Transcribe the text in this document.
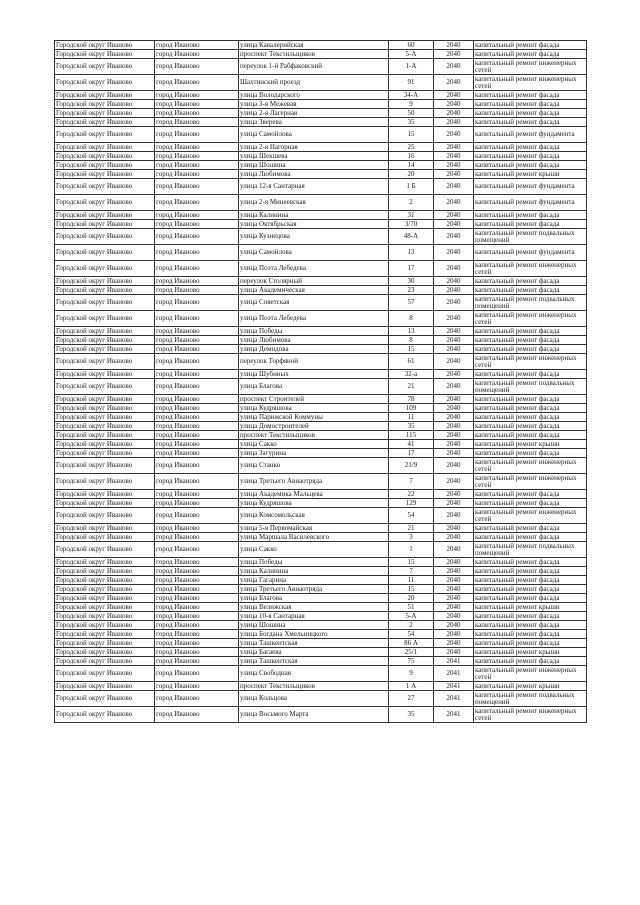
Городской округ Иваново	город Иваново	улица Кавалерийская	60	2040	капитальный ремонт фасада
Городской округ Иваново	город Иваново	проспект Текстильщиков	5-А	2040	капитальный ремонт фасада
Городской округ Иваново	город Иваново	переулок 1-й Рабфаковский	1-А	2040	капитальный ремонт инженерных сетей
Городской округ Иваново	город Иваново	Шахтинский проезд	91	2040	капитальный ремонт инженерных сетей
Городской округ Иваново	город Иваново	улица Володарского	34-А	2040	капитальный ремонт фасада
Городской округ Иваново	город Иваново	улица 3-я Межевая	9	2040	капитальный ремонт фасада
Городской округ Иваново	город Иваново	улица 2-я Лагерная	50	2040	капитальный ремонт фасада
Городской округ Иваново	город Иваново	улица Зверева	35	2040	капитальный ремонт фасада
Городской округ Иваново	город Иваново	улица Самойлова	15	2040	капитальный ремонт фундамента
Городской округ Иваново	город Иваново	улица 2-я Нагорная	25	2040	капитальный ремонт фасада
Городской округ Иваново	город Иваново	улица Шекшева	16	2040	капитальный ремонт фасада
Городской округ Иваново	город Иваново	улица Шошина	14	2040	капитальный ремонт фасада
Городской округ Иваново	город Иваново	улица Любимова	20	2040	капитальный ремонт крыши
Городской округ Иваново	город Иваново	улица 12-я Сантарная	1 Б	2040	капитальный ремонт фундамента
Городской округ Иваново	город Иваново	улица 2-я Минеевская	2	2040	капитальный ремонт фундамента
Городской округ Иваново	город Иваново	улица Калинина	31	2040	капитальный ремонт фасада
Городской округ Иваново	город Иваново	улица Октябрьская	3/70	2040	капитальный ремонт фасада
Городской округ Иваново	город Иваново	улица Кузнецова	48-А	2040	капитальный ремонт подвальных помещений
Городской округ Иваново	город Иваново	улица Самойлова	13	2040	капитальный ремонт фундамента
Городской округ Иваново	город Иваново	улица Поэта Лебедева	17	2040	капитальный ремонт инженерных сетей
Городской округ Иваново	город Иваново	переулок Столярный	30	2040	капитальный ремонт фасада
Городской округ Иваново	город Иваново	улица Академическая	23	2040	капитальный ремонт фасада
Городской округ Иваново	город Иваново	улица Советская	57	2040	капитальный ремонт подвальных помещений
Городской округ Иваново	город Иваново	улица Поэта Лебедева	8	2040	капитальный ремонт инженерных сетей
Городской округ Иваново	город Иваново	улица Победы	13	2040	капитальный ремонт фасада
Городской округ Иваново	город Иваново	улица Любимова	8	2040	капитальный ремонт фасада
Городской округ Иваново	город Иваново	улица Демидова	15	2040	капитальный ремонт фасада
Городской округ Иваново	город Иваново	переулок Торфяной	61	2040	капитальный ремонт инженерных сетей
Городской округ Иваново	город Иваново	улица Шубиных	32-а	2040	капитальный ремонт фасада
Городской округ Иваново	город Иваново	улица Благова	21	2040	капитальный ремонт подвальных помещений
Городской округ Иваново	город Иваново	проспект Строителей	78	2040	капитальный ремонт фасада
Городской округ Иваново	город Иваново	улица Кудряшова	109	2040	капитальный ремонт фасада
Городской округ Иваново	город Иваново	улица Парижской Коммуны	11	2040	капитальный ремонт фасада
Городской округ Иваново	город Иваново	улица Домостроителей	35	2040	капитальный ремонт фасада
Городской округ Иваново	город Иваново	проспект Текстильщиков	115	2040	капитальный ремонт фасада
Городской округ Иваново	город Иваново	улица Сакко	41	2040	капитальный ремонт крыши
Городской округ Иваново	город Иваново	улица Загурина	17	2040	капитальный ремонт фасада
Городской округ Иваново	город Иваново	улица Станко	21/9	2040	капитальный ремонт инженерных сетей
Городской округ Иваново	город Иваново	улица Третьего Авиаотряда	7	2040	капитальный ремонт инженерных сетей
Городской округ Иваново	город Иваново	улица Академика Мальцева	22	2040	капитальный ремонт фасада
Городской округ Иваново	город Иваново	улица Кудряшова	129	2040	капитальный ремонт фасада
Городской округ Иваново	город Иваново	улица Комсомольская	54	2040	капитальный ремонт инженерных сетей
Городской округ Иваново	город Иваново	улица 5-я Первомайская	21	2040	капитальный ремонт фасада
Городской округ Иваново	город Иваново	улица Маршала Василевского	3	2040	капитальный ремонт фасада
Городской округ Иваново	город Иваново	улица Сакко	1	2040	капитальный ремонт подвальных помещений
Городской округ Иваново	город Иваново	улица Победы	15	2040	капитальный ремонт фасада
Городской округ Иваново	город Иваново	улица Калинина	7	2040	капитальный ремонт фасада
Городской округ Иваново	город Иваново	улица Гагарина	11	2040	капитальный ремонт фасада
Городской округ Иваново	город Иваново	улица Третьего Авиаотряда	15	2040	капитальный ремонт фасада
Городской округ Иваново	город Иваново	улица Благова	20	2040	капитальный ремонт фасада
Городской округ Иваново	город Иваново	улица Велижская	51	2040	капитальный ремонт крыши
Городской округ Иваново	город Иваново	улица 10-я Сантарная	5-А	2040	капитальный ремонт фасада
Городской округ Иваново	город Иваново	улица Шошина	2	2040	капитальный ремонт фасада
Городской округ Иваново	город Иваново	улица Богдана Хмельницкого	54	2040	капитальный ремонт фасада
Городской округ Иваново	город Иваново	улица Ташкентская	86 А	2040	капитальный ремонт фасада
Городской округ Иваново	город Иваново	улица Багаева	25/1	2040	капитальный ремонт крыши
Городской округ Иваново	город Иваново	улица Ташкентская	75	2041	капитальный ремонт фасада
Городской округ Иваново	город Иваново	улица Свободная	9	2041	капитальный ремонт инженерных сетей
Городской округ Иваново	город Иваново	проспект Текстильщиков	1 А	2041	капитальный ремонт крыши
Городской округ Иваново	город Иваново	улица Кольцова	27	2041	капитальный ремонт подвальных помещений
Городской округ Иваново	город Иваново	улица Восьмого Марта	35	2041	капитальный ремонт инженерных сетей
